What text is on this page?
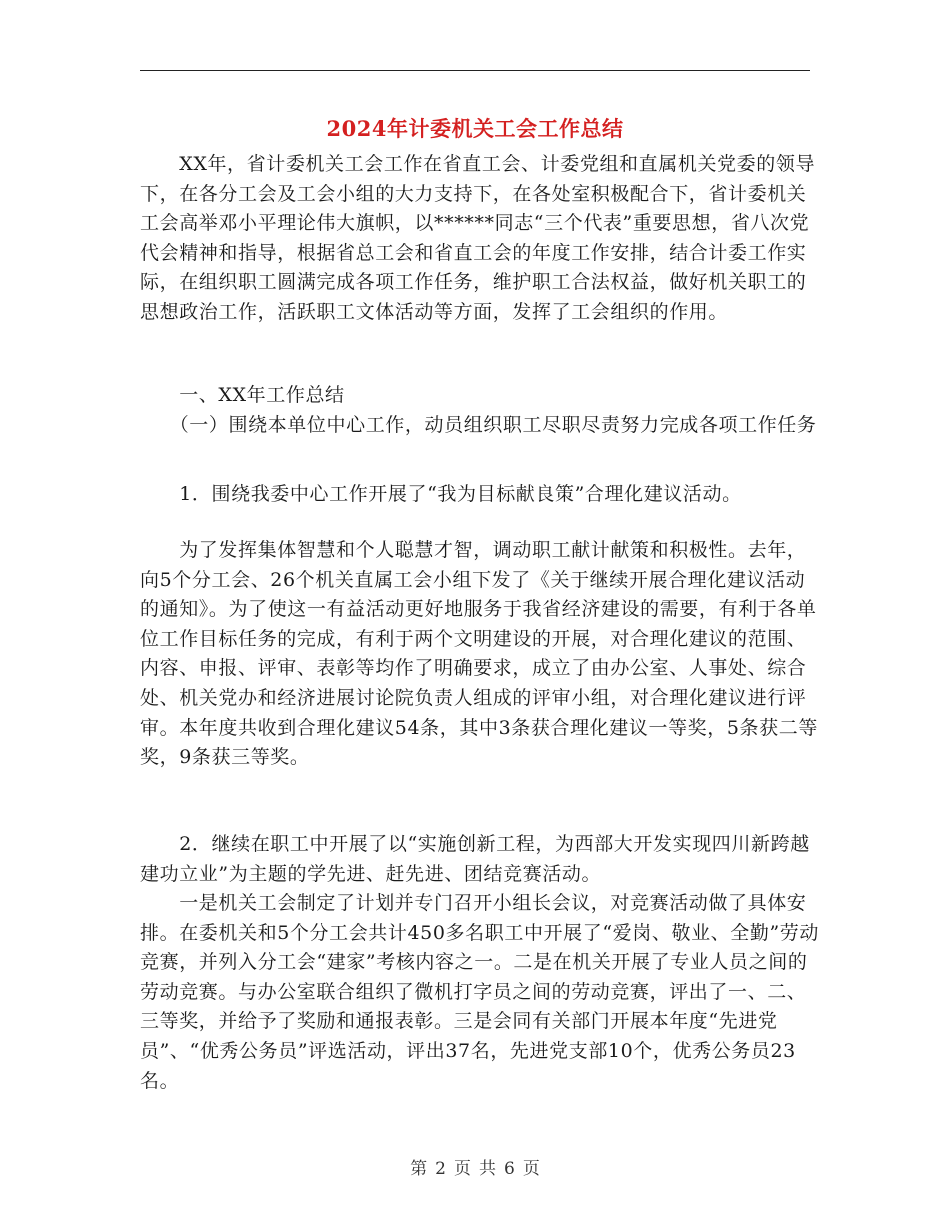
2024年计委机关工会工作总结

　　XX年，省计委机关工会工作在省直工会、计委党组和直属机关党委的领导下，在各分工会及工会小组的大力支持下，在各处室积极配合下，省计委机关工会高举邓小平理论伟大旗帜，以******同志“三个代表”重要思想，省八次党代会精神和指导，根据省总工会和省直工会的年度工作安排，结合计委工作实际，在组织职工圆满完成各项工作任务，维护职工合法权益，做好机关职工的思想政治工作，活跃职工文体活动等方面，发挥了工会组织的作用。

　　一、XX年工作总结

　　（一）围绕本单位中心工作，动员组织职工尽职尽责努力完成各项工作任务

　　1．围绕我委中心工作开展了“我为目标献良策”合理化建议活动。

　　为了发挥集体智慧和个人聪慧才智，调动职工献计献策和积极性。去年，向5个分工会、26个机关直属工会小组下发了《关于继续开展合理化建议活动的通知》。为了使这一有益活动更好地服务于我省经济建设的需要，有利于各单位工作目标任务的完成，有利于两个文明建设的开展，对合理化建议的范围、内容、申报、评审、表彰等均作了明确要求，成立了由办公室、人事处、综合处、机关党办和经济进展讨论院负责人组成的评审小组，对合理化建议进行评审。本年度共收到合理化建议54条，其中3条获合理化建议一等奖，5条获二等奖，9条获三等奖。

　　2．继续在职工中开展了以“实施创新工程，为西部大开发实现四川新跨越建功立业”为主题的学先进、赶先进、团结竞赛活动。

　　一是机关工会制定了计划并专门召开小组长会议，对竞赛活动做了具体安排。在委机关和5个分工会共计450多名职工中开展了“爱岗、敬业、全勤”劳动竞赛，并列入分工会“建家”考核内容之一。二是在机关开展了专业人员之间的劳动竞赛。与办公室联合组织了微机打字员之间的劳动竞赛，评出了一、二、三等奖，并给予了奖励和通报表彰。三是会同有关部门开展本年度“先进党员”、“优秀公务员”评选活动，评出37名，先进党支部10个，优秀公务员23名。

第 2 页 共 6 页
